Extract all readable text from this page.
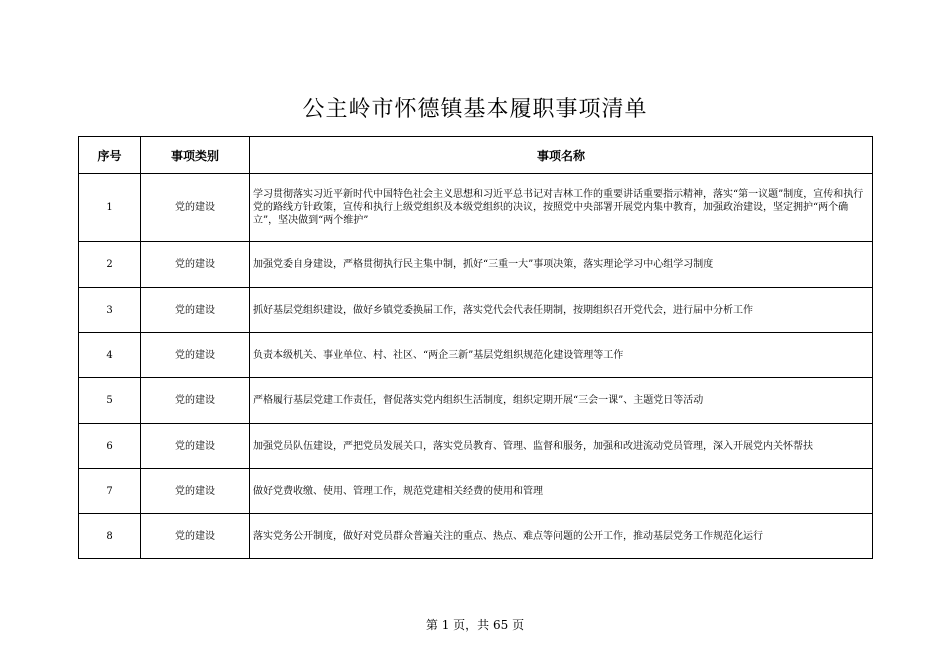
公主岭市怀德镇基本履职事项清单
序号	事项类别	事项名称
1	党的建设	学习贯彻落实习近平新时代中国特色社会主义思想和习近平总书记对吉林工作的重要讲话重要指示精神，落实“第一议题”制度，宣传和执行党的路线方针政策，宣传和执行上级党组织及本级党组织的决议，按照党中央部署开展党内集中教育，加强政治建设，坚定拥护“两个确立”，坚决做到“两个维护”
2	党的建设	加强党委自身建设，严格贯彻执行民主集中制，抓好“三重一大”事项决策，落实理论学习中心组学习制度
3	党的建设	抓好基层党组织建设，做好乡镇党委换届工作，落实党代会代表任期制，按期组织召开党代会，进行届中分析工作
4	党的建设	负责本级机关、事业单位、村、社区、“两企三新”基层党组织规范化建设管理等工作
5	党的建设	严格履行基层党建工作责任，督促落实党内组织生活制度，组织定期开展“三会一课”、主题党日等活动
6	党的建设	加强党员队伍建设，严把党员发展关口，落实党员教育、管理、监督和服务，加强和改进流动党员管理，深入开展党内关怀帮扶
7	党的建设	做好党费收缴、使用、管理工作，规范党建相关经费的使用和管理
8	党的建设	落实党务公开制度，做好对党员群众普遍关注的重点、热点、难点等问题的公开工作，推动基层党务工作规范化运行
第 1 页，共 65 页
